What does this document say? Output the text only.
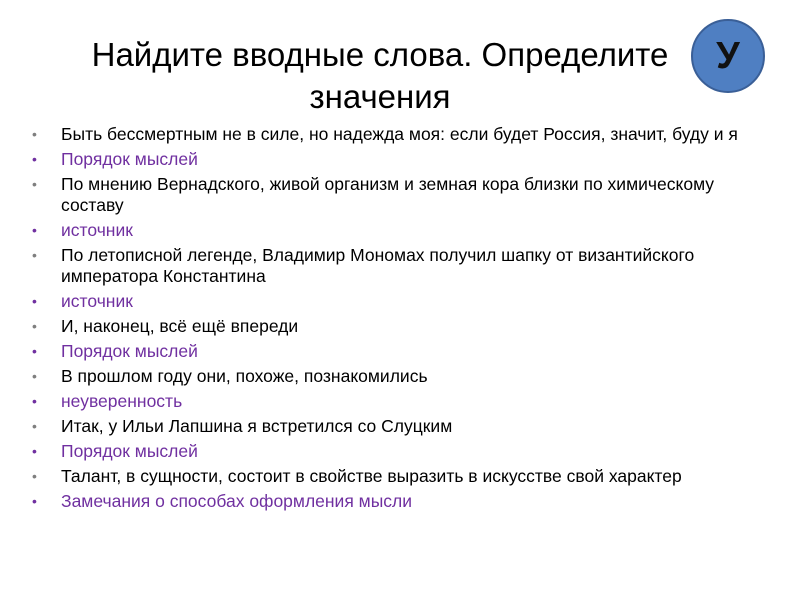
Найдите вводные слова. Определите
значения
У
•	Быть бессмертным не в силе, но надежда моя: если будет Россия, значит, буду и я
•	Порядок мыслей
•	По мнению Вернадского, живой организм и земная кора близки по химическому составу
•	источник
•	По летописной легенде, Владимир Мономах получил шапку от византийского императора Константина
•	источник
•	И, наконец, всё ещё впереди
•	Порядок мыслей
•	В прошлом году они, похоже, познакомились
•	неуверенность
•	Итак, у Ильи Лапшина я встретился со Слуцким
•	Порядок мыслей
•	Талант, в сущности, состоит в свойстве выразить в искусстве свой характер
•	Замечания о способах оформления мысли
